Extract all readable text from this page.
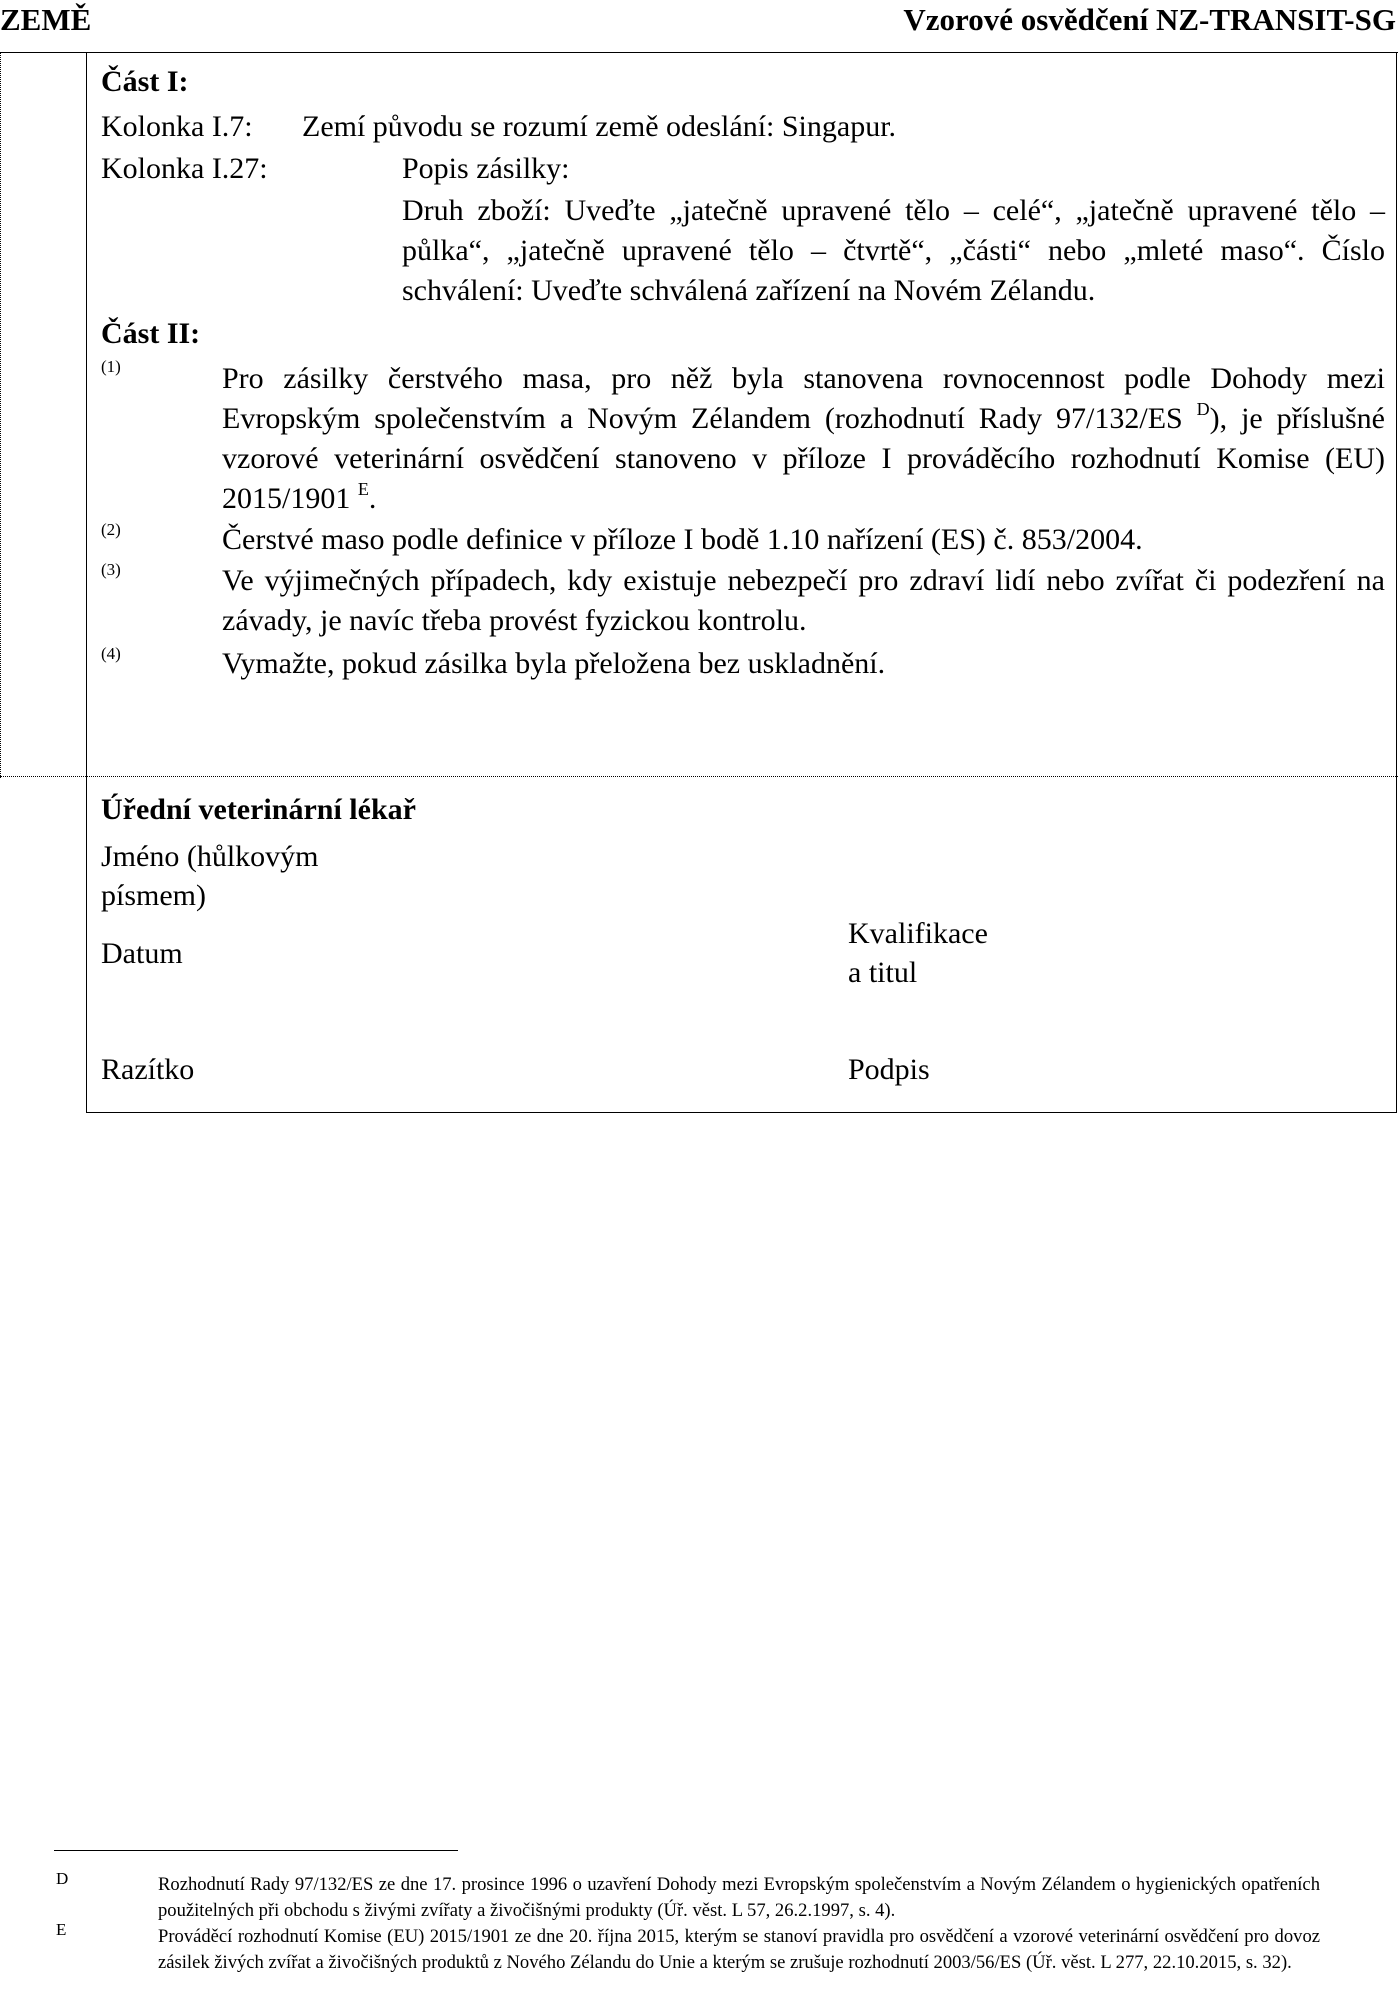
ZEMĚ	Vzorové osvědčení NZ-TRANSIT-SG
Část I:
Kolonka I.7: Zemí původu se rozumí země odeslání: Singapur.
Kolonka I.27:	Popis zásilky:
Druh zboží: Uveďte „jatečně upravené tělo – celé“, „jatečně upravené tělo – půlka“, „jatečně upravené tělo – čtvrtě“, „části“ nebo „mleté maso“. Číslo schválení: Uveďte schválená zařízení na Novém Zélandu.
Část II:
(1)	Pro zásilky čerstvého masa, pro něž byla stanovena rovnocennost podle Dohody mezi Evropským společenstvím a Novým Zélandem (rozhodnutí Rady 97/132/ES $^D$), je příslušné vzorové veterinární osvědčení stanoveno v příloze I prováděcího rozhodnutí Komise (EU) 2015/1901 $^E$.
(2)	Čerstvé maso podle definice v příloze I bodě 1.10 nařízení (ES) č. 853/2004.
(3)	Ve výjimečných případech, kdy existuje nebezpečí pro zdraví lidí nebo zvířat či podezření na závady, je navíc třeba provést fyzickou kontrolu.
(4)	Vymažte, pokud zásilka byla přeložena bez uskladnění.
Úřední veterinární lékař
Jméno (hůlkovým
písmem)
Datum
Kvalifikace
a titul
Razítko	Podpis
D	Rozhodnutí Rady 97/132/ES ze dne 17. prosince 1996 o uzavření Dohody mezi Evropským společenstvím a Novým Zélandem o hygienických opatřeních použitelných při obchodu s živými zvířaty a živočišnými produkty (Úř. věst. L 57, 26.2.1997, s. 4).
E	Prováděcí rozhodnutí Komise (EU) 2015/1901 ze dne 20. října 2015, kterým se stanoví pravidla pro osvědčení a vzorové veterinární osvědčení pro dovoz zásilek živých zvířat a živočišných produktů z Nového Zélandu do Unie a kterým se zrušuje rozhodnutí 2003/56/ES (Úř. věst. L 277, 22.10.2015, s. 32).
